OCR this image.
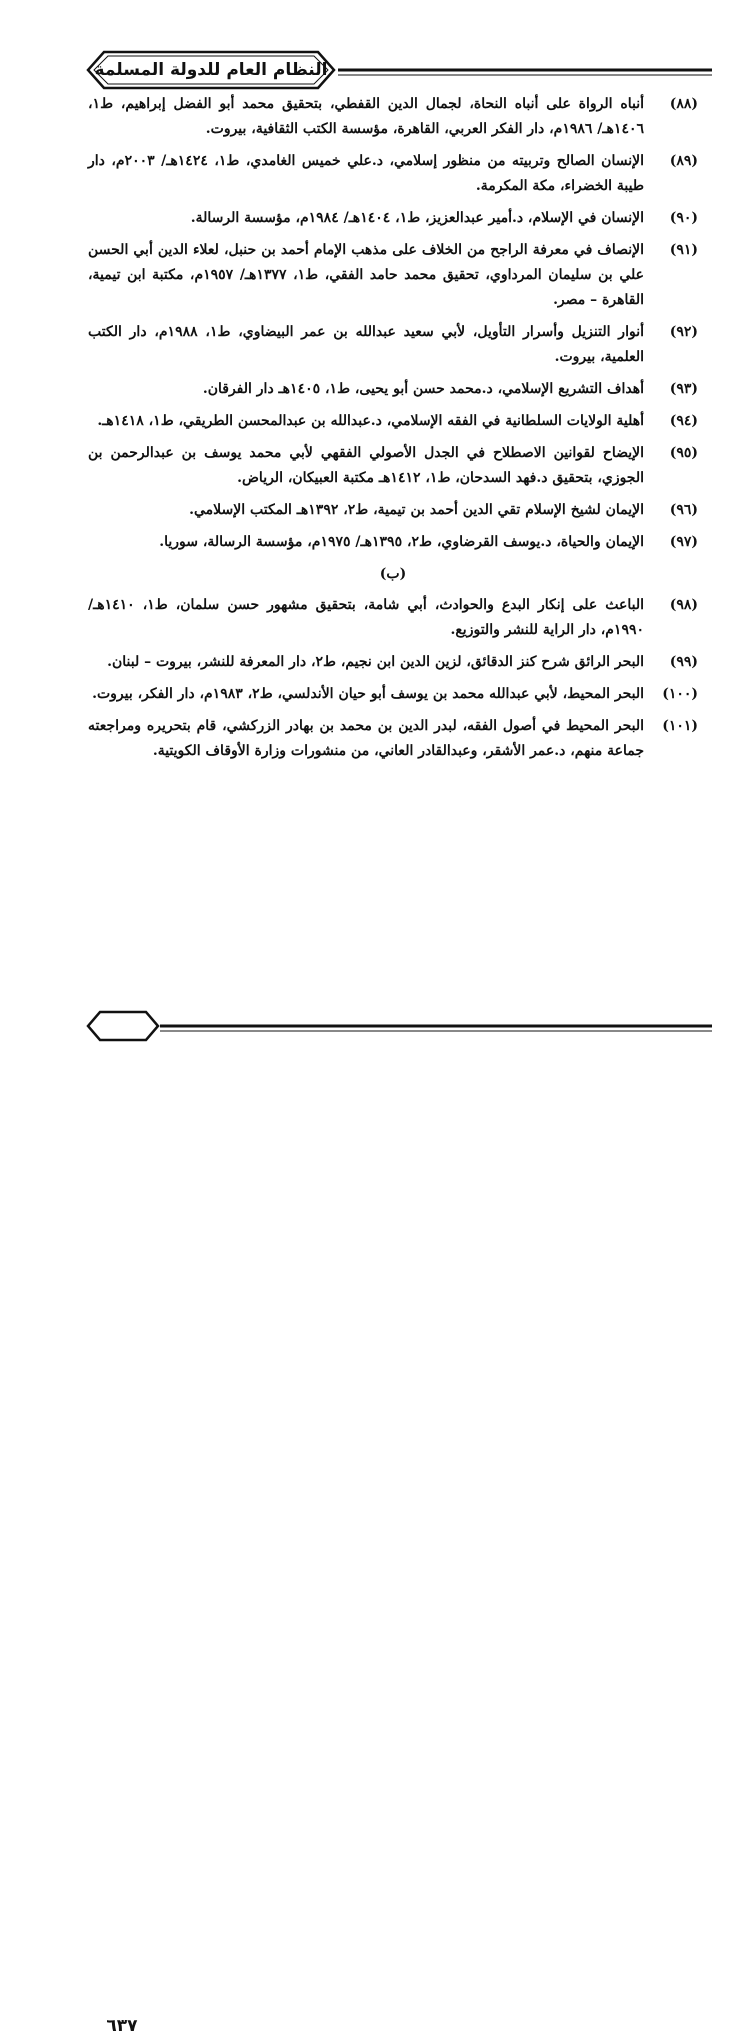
النظام العام للدولة المسلمة
(٨٨)
أنباه الرواة على أنباه النحاة، لجمال الدين القفطي، بتحقيق محمد أبو الفضل إبراهيم، ط١، ١٤٠٦هـ/ ١٩٨٦م، دار الفكر العربي، القاهرة، مؤسسة الكتب الثقافية، بيروت.
(٨٩)
الإنسان الصالح وتربيته من منظور إسلامي، د.علي خميس الغامدي، ط١، ١٤٢٤هـ/ ٢٠٠٣م، دار طيبة الخضراء، مكة المكرمة.
(٩٠)
الإنسان في الإسلام، د.أمير عبدالعزيز، ط١، ١٤٠٤هـ/ ١٩٨٤م، مؤسسة الرسالة.
(٩١)
الإنصاف في معرفة الراجح من الخلاف على مذهب الإمام أحمد بن حنبل، لعلاء الدين أبي الحسن علي بن سليمان المرداوي، تحقيق محمد حامد الفقي، ط١، ١٣٧٧هـ/ ١٩٥٧م، مكتبة ابن تيمية، القاهرة – مصر.
(٩٢)
أنوار التنزيل وأسرار التأويل، لأبي سعيد عبدالله بن عمر البيضاوي، ط١، ١٩٨٨م، دار الكتب العلمية، بيروت.
(٩٣)
أهداف التشريع الإسلامي، د.محمد حسن أبو يحيى، ط١، ١٤٠٥هـ دار الفرقان.
(٩٤)
أهلية الولايات السلطانية في الفقه الإسلامي، د.عبدالله بن عبدالمحسن الطريقي، ط١، ١٤١٨هـ.
(٩٥)
الإيضاح لقوانين الاصطلاح في الجدل الأصولي الفقهي لأبي محمد يوسف بن عبدالرحمن بن الجوزي، بتحقيق د.فهد السدحان، ط١، ١٤١٢هـ مكتبة العبيكان، الرياض.
(٩٦)
الإيمان لشيخ الإسلام تقي الدين أحمد بن تيمية، ط٢، ١٣٩٢هـ المكتب الإسلامي.
(٩٧)
الإيمان والحياة، د.يوسف القرضاوي، ط٢، ١٣٩٥هـ/ ١٩٧٥م، مؤسسة الرسالة، سوريا.
(ب)
(٩٨)
الباعث على إنكار البدع والحوادث، أبي شامة، بتحقيق مشهور حسن سلمان، ط١، ١٤١٠هـ/ ١٩٩٠م، دار الراية للنشر والتوزيع.
(٩٩)
البحر الرائق شرح كنز الدقائق، لزين الدين ابن نجيم، ط٢، دار المعرفة للنشر، بيروت – لبنان.
(١٠٠)
البحر المحيط، لأبي عبدالله محمد بن يوسف أبو حيان الأندلسي، ط٢، ١٩٨٣م، دار الفكر، بيروت.
(١٠١)
البحر المحيط في أصول الفقه، لبدر الدين بن محمد بن بهادر الزركشي، قام بتحريره ومراجعته جماعة منهم، د.عمر الأشقر، وعبدالقادر العاني، من منشورات وزارة الأوقاف الكويتية.
٦٣٧
